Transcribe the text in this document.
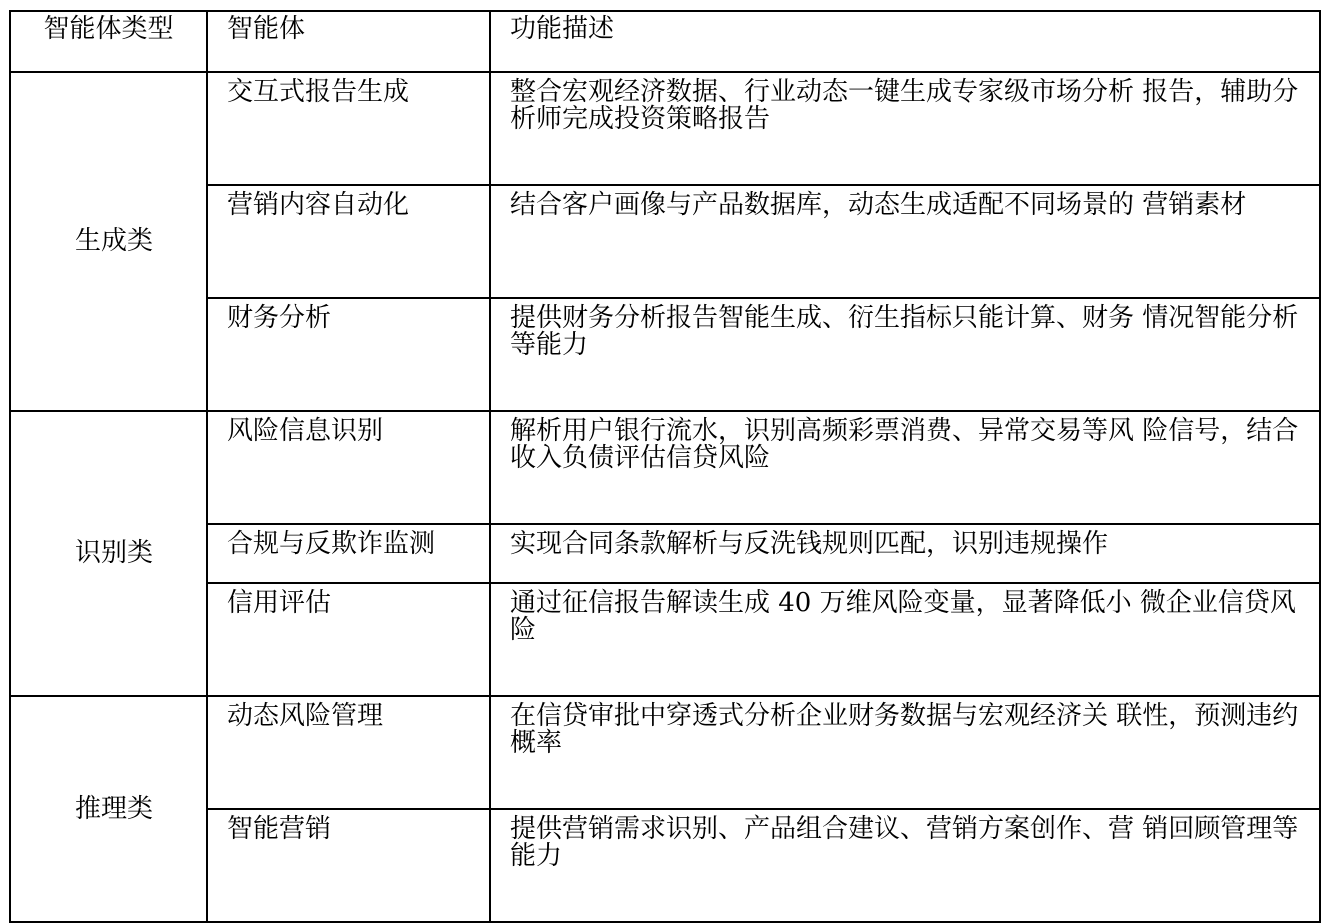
智能体类型	智能体	功能描述
生成类	交互式报告生成	整合宏观经济数据、行业动态一键生成专家级市场分析 报告，辅助分析师完成投资策略报告
	营销内容自动化	结合客户画像与产品数据库，动态生成适配不同场景的 营销素材
	财务分析	提供财务分析报告智能生成、衍生指标只能计算、财务 情况智能分析等能力
识别类	风险信息识别	解析用户银行流水，识别高频彩票消费、异常交易等风 险信号，结合收入负债评估信贷风险
	合规与反欺诈监测	实现合同条款解析与反洗钱规则匹配，识别违规操作
	信用评估	通过征信报告解读生成 40 万维风险变量，显著降低小 微企业信贷风险
推理类	动态风险管理	在信贷审批中穿透式分析企业财务数据与宏观经济关 联性，预测违约概率
	智能营销	提供营销需求识别、产品组合建议、营销方案创作、营 销回顾管理等能力
